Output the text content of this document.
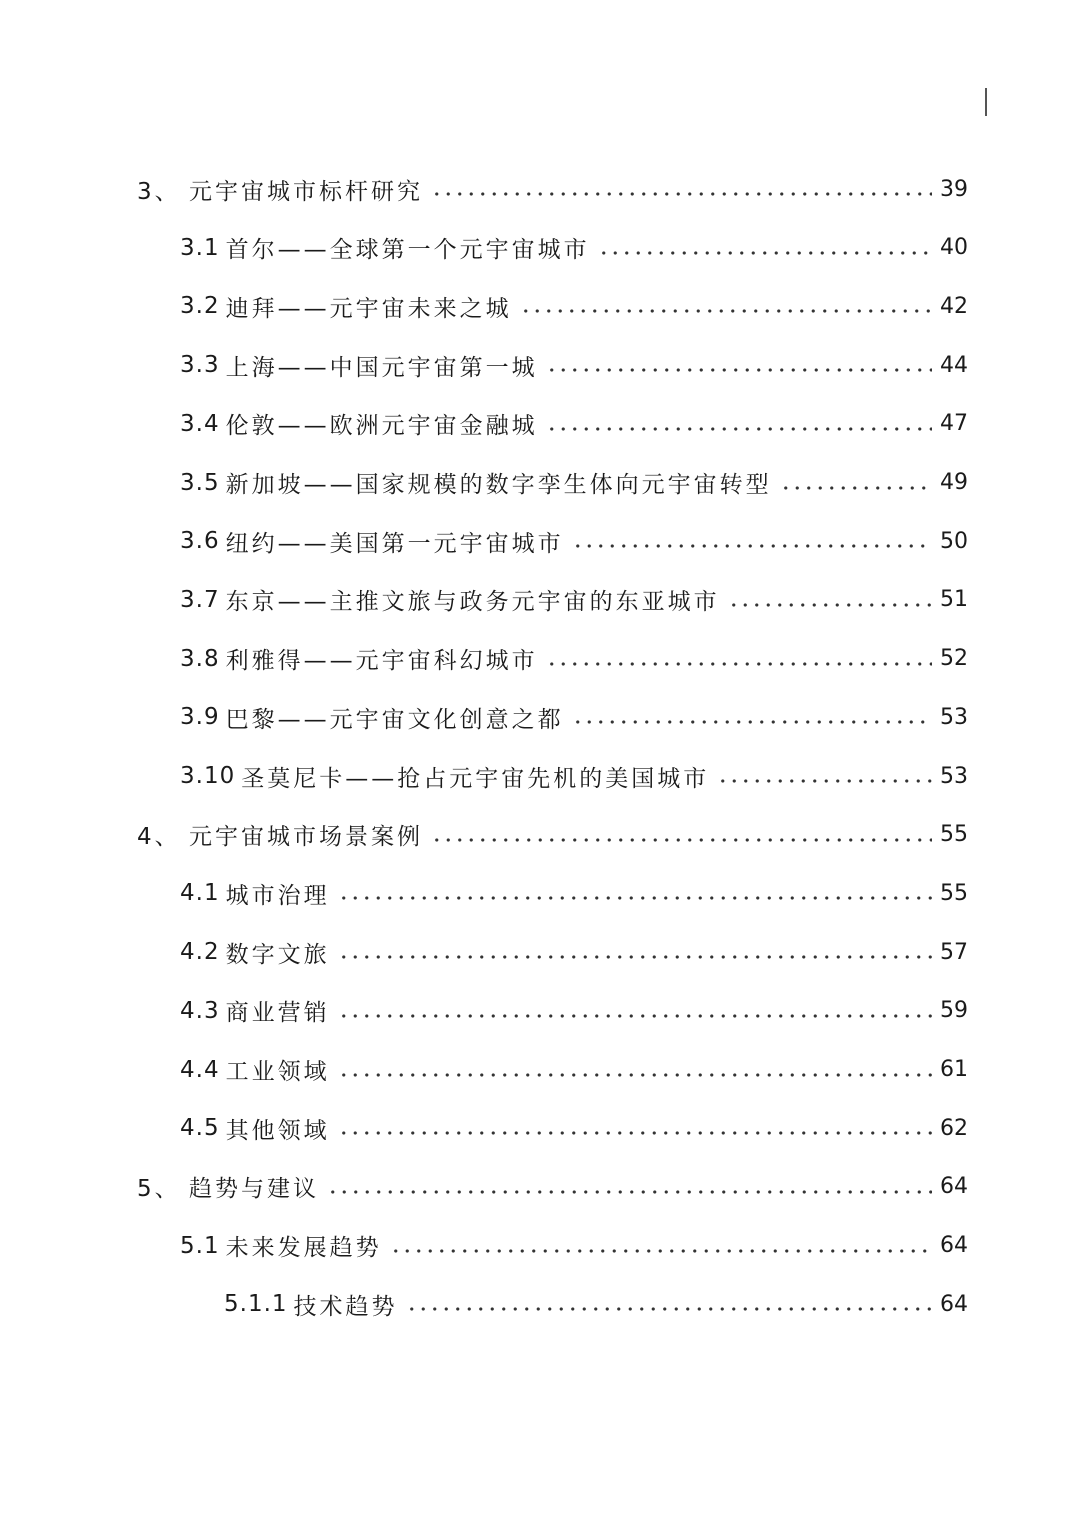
3、 元宇宙城市标杆研究	39
3.1 首尔——全球第一个元宇宙城市	40
3.2 迪拜——元宇宙未来之城	42
3.3 上海——中国元宇宙第一城	44
3.4 伦敦——欧洲元宇宙金融城	47
3.5 新加坡——国家规模的数字孪生体向元宇宙转型	49
3.6 纽约——美国第一元宇宙城市	50
3.7 东京——主推文旅与政务元宇宙的东亚城市	51
3.8 利雅得——元宇宙科幻城市	52
3.9 巴黎——元宇宙文化创意之都	53
3.10 圣莫尼卡——抢占元宇宙先机的美国城市	53
4、 元宇宙城市场景案例	55
4.1 城市治理	55
4.2 数字文旅	57
4.3 商业营销	59
4.4 工业领域	61
4.5 其他领域	62
5、 趋势与建议	64
5.1 未来发展趋势	64
5.1.1 技术趋势	64
